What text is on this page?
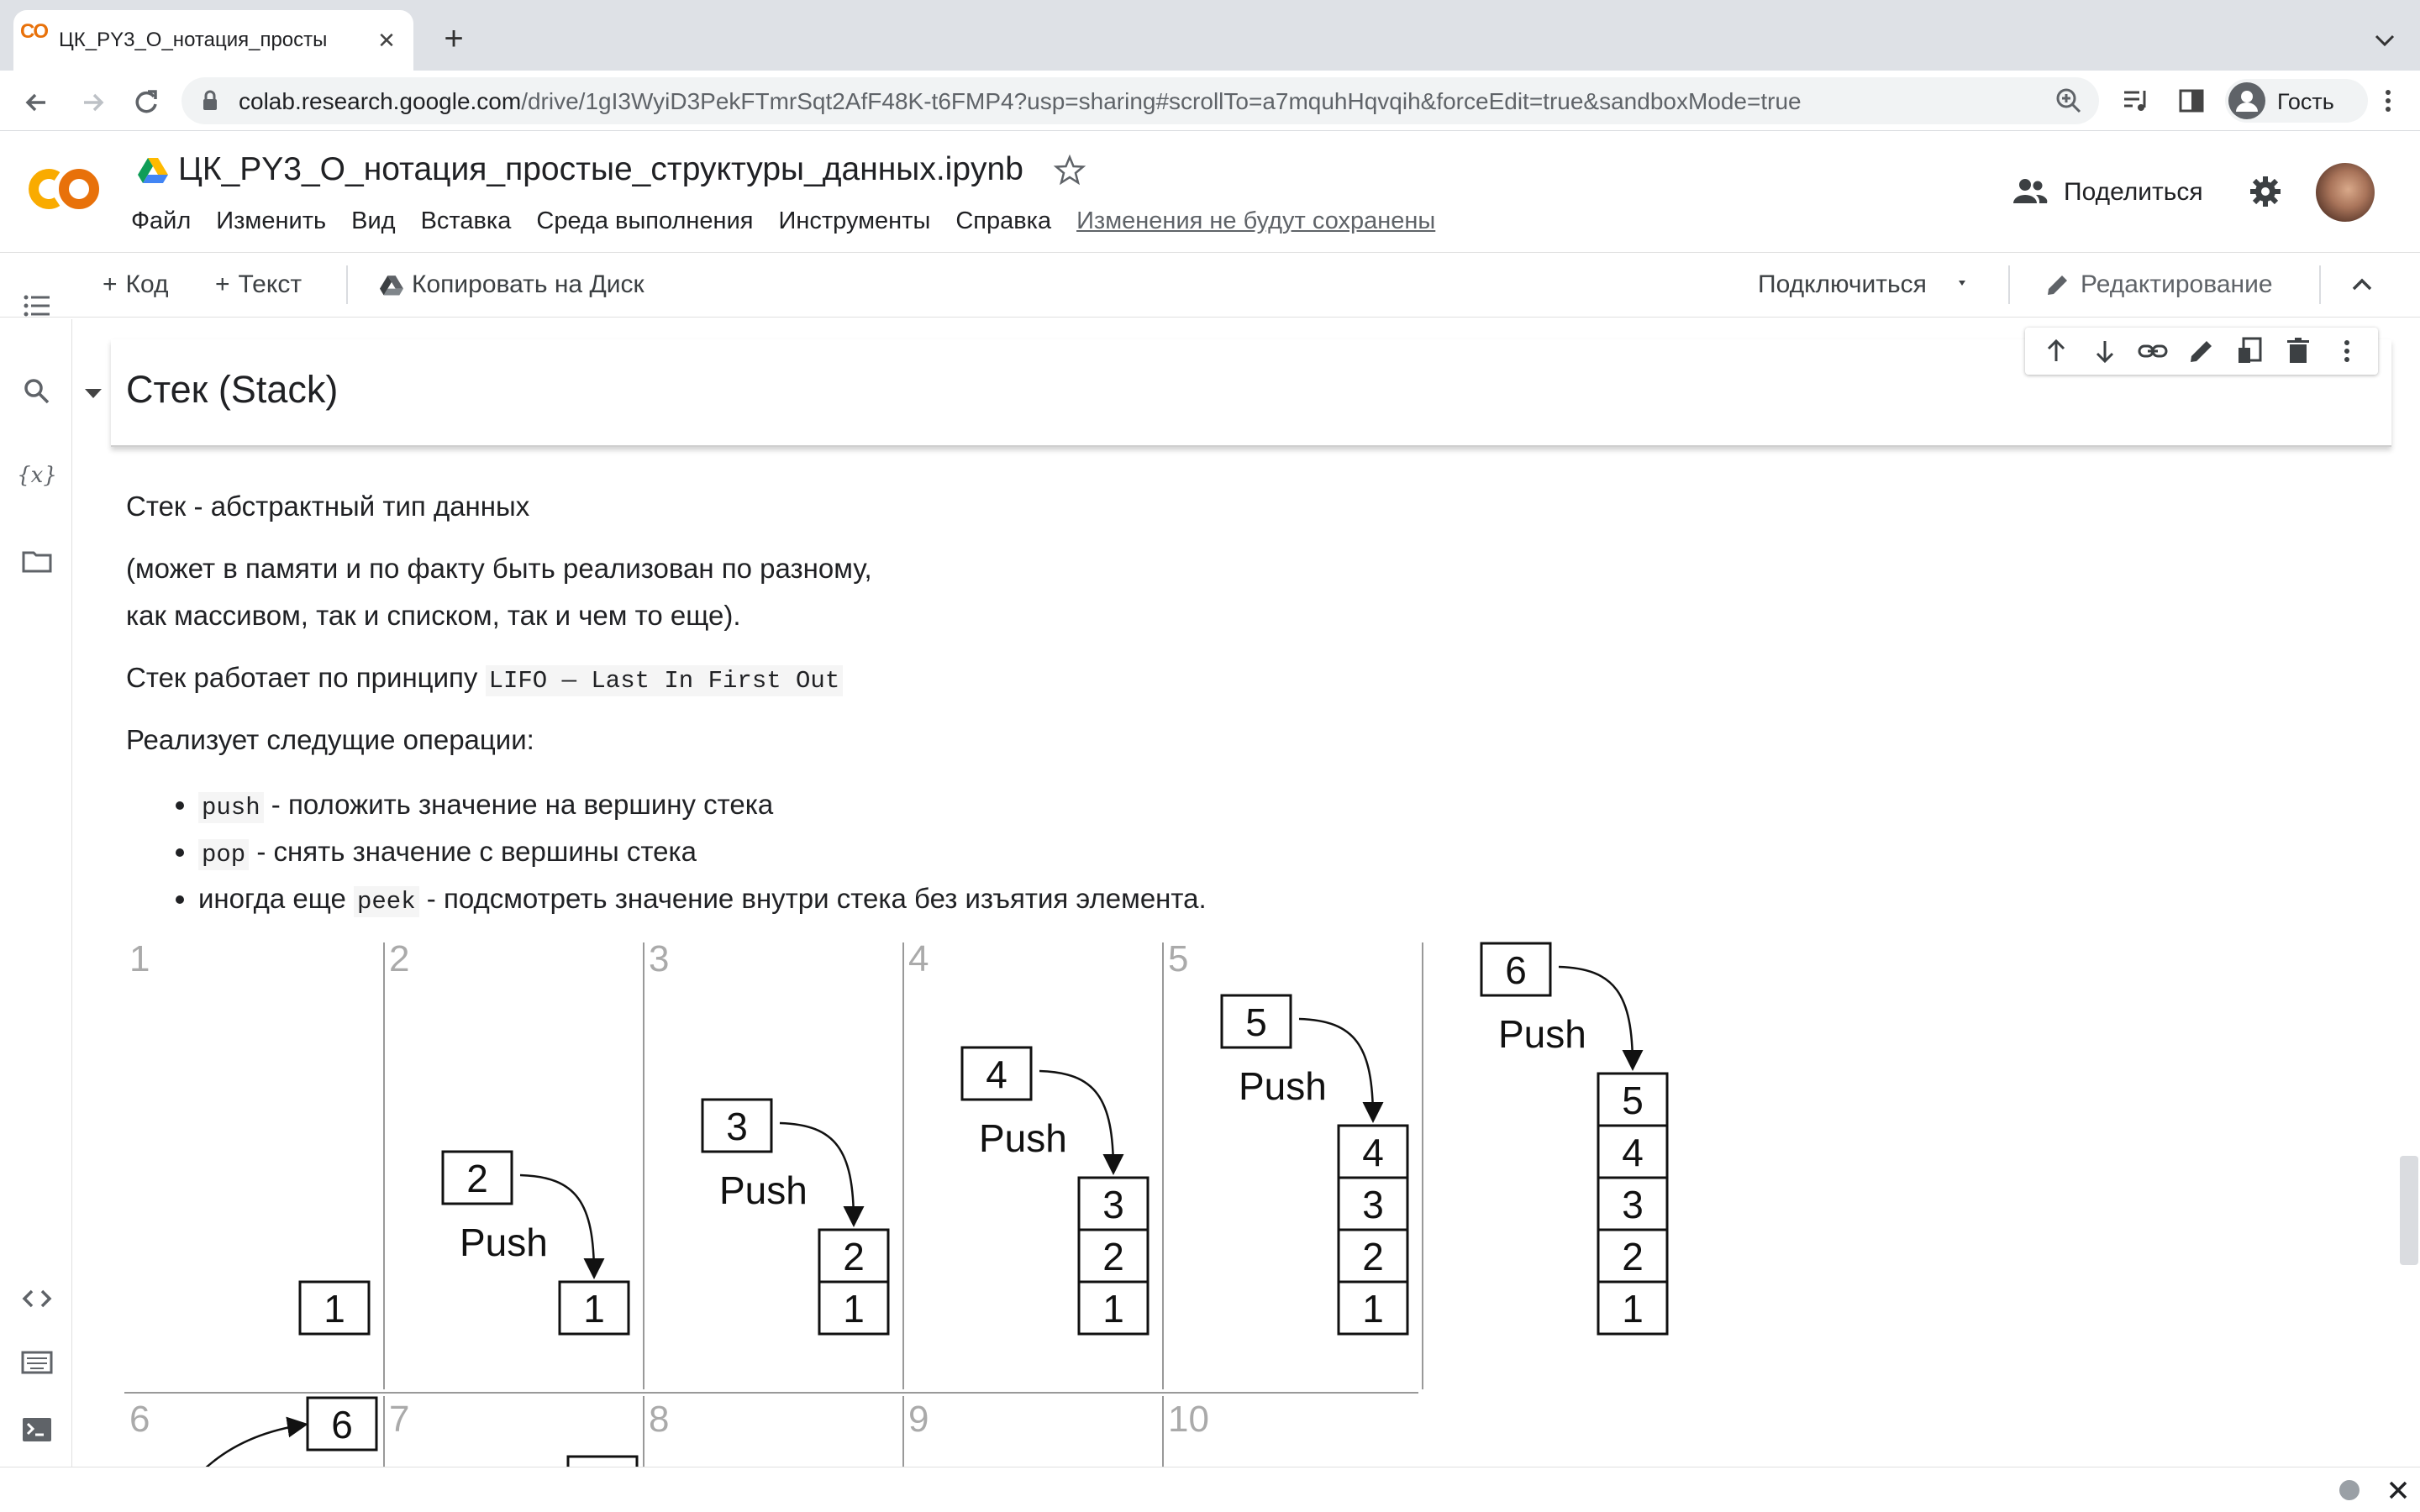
CO ЦК_PY3_О_нотация_просты	✕ +
colab.research.google.com/drive/1gI3WyiD3PekFTmrSqt2AfF48K-t6FMP4?usp=sharing#scrollTo=a7mquhHqvqih&forceEdit=true&sandboxMode=true	Гость
ЦК_PY3_О_нотация_простые_структуры_данных.ipynb
Файл Изменить Вид Вставка Среда выполнения Инструменты Справка Изменения не будут сохранены
Поделиться
+ Код + Текст	Копировать на Диск	Подключиться	Редактирование
{x}
Стек (Stack)
Стек - абстрактный тип данных
(может в памяти и по факту быть реализован по разному,
как массивом, так и списком, так и чем то еще).
Стек работает по принципу LIFO — Last In First Out
Реализует следущие операции:
• push - положить значение на вершину стека
• pop - снять значение с вершины стека
• иногда еще peek - подсмотреть значение внутри стека без изъятия элемента.
1
1
2
1
2
Push
3
1
2
3
Push
4
1
2
3
4
Push
5
1
2
3
4
5
Push
1
2
3
4
5
6
Push
6	7	8	9	10
6
